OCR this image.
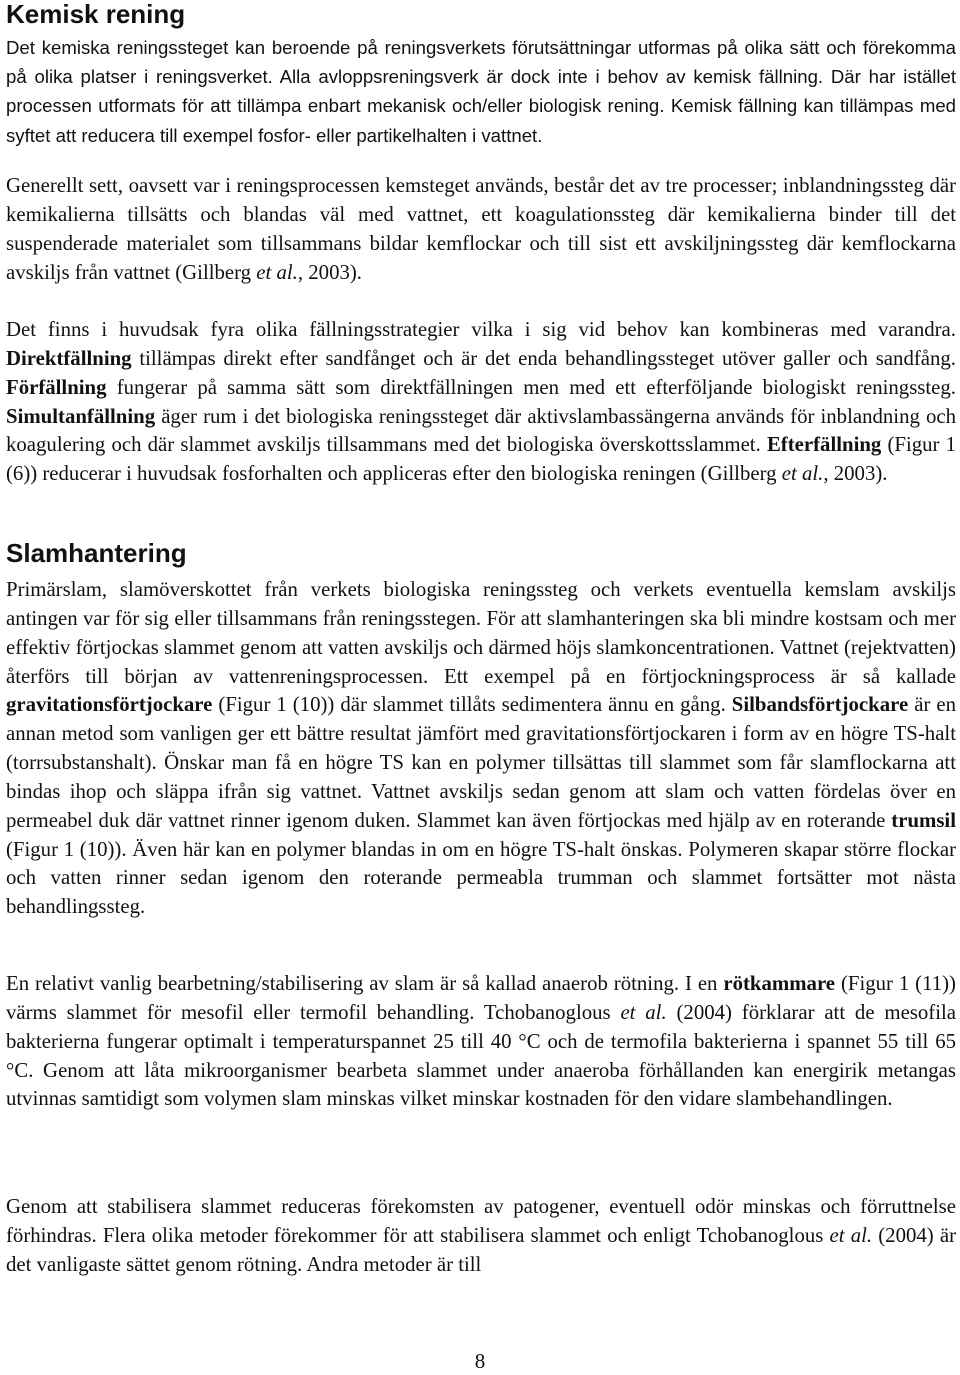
Kemisk rening

Det kemiska reningssteget kan beroende på reningsverkets förutsättningar utformas på olika sätt och förekomma på olika platser i reningsverket. Alla avloppsreningsverk är dock inte i behov av kemisk fällning. Där har istället processen utformats för att tillämpa enbart mekanisk och/eller biologisk rening. Kemisk fällning kan tillämpas med syftet att reducera till exempel fosfor- eller partikelhalten i vattnet.

Generellt sett, oavsett var i reningsprocessen kemsteget används, består det av tre processer; inblandningssteg där kemikalierna tillsätts och blandas väl med vattnet, ett koagulationssteg där kemikalierna binder till det suspenderade materialet som tillsammans bildar kemflockar och till sist ett avskiljningssteg där kemflockarna avskiljs från vattnet (Gillberg et al., 2003).

Det finns i huvudsak fyra olika fällningsstrategier vilka i sig vid behov kan kombineras med varandra. Direktfällning tillämpas direkt efter sandfånget och är det enda behandlingssteget utöver galler och sandfång. Förfällning fungerar på samma sätt som direktfällningen men med ett efterföljande biologiskt reningssteg. Simultanfällning äger rum i det biologiska reningssteget där aktivslambassängerna används för inblandning och koagulering och där slammet avskiljs tillsammans med det biologiska överskottsslammet. Efterfällning (Figur 1 (6)) reducerar i huvudsak fosforhalten och appliceras efter den biologiska reningen (Gillberg et al., 2003).

Slamhantering

Primärslam, slamöverskottet från verkets biologiska reningssteg och verkets eventuella kemslam avskiljs antingen var för sig eller tillsammans från reningsstegen. För att slamhanteringen ska bli mindre kostsam och mer effektiv förtjockas slammet genom att vatten avskiljs och därmed höjs slamkoncentrationen. Vattnet (rejektvatten) återförs till början av vattenreningsprocessen. Ett exempel på en förtjockningsprocess är så kallade gravitationsförtjockare (Figur 1 (10)) där slammet tillåts sedimentera ännu en gång. Silbandsförtjockare är en annan metod som vanligen ger ett bättre resultat jämfört med gravitationsförtjockaren i form av en högre TS-halt (torrsubstanshalt). Önskar man få en högre TS kan en polymer tillsättas till slammet som får slamflockarna att bindas ihop och släppa ifrån sig vattnet. Vattnet avskiljs sedan genom att slam och vatten fördelas över en permeabel duk där vattnet rinner igenom duken. Slammet kan även förtjockas med hjälp av en roterande trumsil (Figur 1 (10)). Även här kan en polymer blandas in om en högre TS-halt önskas. Polymeren skapar större flockar och vatten rinner sedan igenom den roterande permeabla trumman och slammet fortsätter mot nästa behandlingssteg.

En relativt vanlig bearbetning/stabilisering av slam är så kallad anaerob rötning. I en rötkammare (Figur 1 (11)) värms slammet för mesofil eller termofil behandling. Tchobanoglous et al. (2004) förklarar att de mesofila bakterierna fungerar optimalt i temperaturspannet 25 till 40 °C och de termofila bakterierna i spannet 55 till 65 °C. Genom att låta mikroorganismer bearbeta slammet under anaeroba förhållanden kan energirik metangas utvinnas samtidigt som volymen slam minskas vilket minskar kostnaden för den vidare slambehandlingen.

Genom att stabilisera slammet reduceras förekomsten av patogener, eventuell odör minskas och förruttnelse förhindras. Flera olika metoder förekommer för att stabilisera slammet och enligt Tchobanoglous et al. (2004) är det vanligaste sättet genom rötning. Andra metoder är till

8
